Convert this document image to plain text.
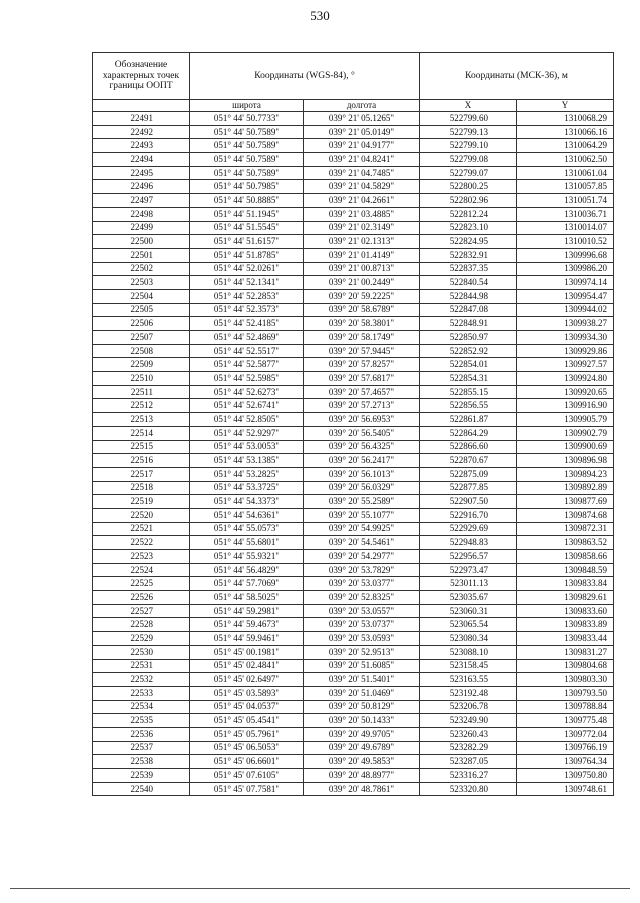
530
Обозначение характерных точек границы ООПТ	Координаты (WGS-84), °		Координаты (МСК-36), м	
	широта	долгота	X	Y
22491	051° 44' 50.7733"	039° 21' 05.1265"	522799.60	1310068.29
22492	051° 44' 50.7589"	039° 21' 05.0149"	522799.13	1310066.16
22493	051° 44' 50.7589"	039° 21' 04.9177"	522799.10	1310064.29
22494	051° 44' 50.7589"	039° 21' 04.8241"	522799.08	1310062.50
22495	051° 44' 50.7589"	039° 21' 04.7485"	522799.07	1310061.04
22496	051° 44' 50.7985"	039° 21' 04.5829"	522800.25	1310057.85
22497	051° 44' 50.8885"	039° 21' 04.2661"	522802.96	1310051.74
22498	051° 44' 51.1945"	039° 21' 03.4885"	522812.24	1310036.71
22499	051° 44' 51.5545"	039° 21' 02.3149"	522823.10	1310014.07
22500	051° 44' 51.6157"	039° 21' 02.1313"	522824.95	1310010.52
22501	051° 44' 51.8785"	039° 21' 01.4149"	522832.91	1309996.68
22502	051° 44' 52.0261"	039° 21' 00.8713"	522837.35	1309986.20
22503	051° 44' 52.1341"	039° 21' 00.2449"	522840.54	1309974.14
22504	051° 44' 52.2853"	039° 20' 59.2225"	522844.98	1309954.47
22505	051° 44' 52.3573"	039° 20' 58.6789"	522847.08	1309944.02
22506	051° 44' 52.4185"	039° 20' 58.3801"	522848.91	1309938.27
22507	051° 44' 52.4869"	039° 20' 58.1749"	522850.97	1309934.30
22508	051° 44' 52.5517"	039° 20' 57.9445"	522852.92	1309929.86
22509	051° 44' 52.5877"	039° 20' 57.8257"	522854.01	1309927.57
22510	051° 44' 52.5985"	039° 20' 57.6817"	522854.31	1309924.80
22511	051° 44' 52.6273"	039° 20' 57.4657"	522855.15	1309920.65
22512	051° 44' 52.6741"	039° 20' 57.2713"	522856.55	1309916.90
22513	051° 44' 52.8505"	039° 20' 56.6953"	522861.87	1309905.79
22514	051° 44' 52.9297"	039° 20' 56.5405"	522864.29	1309902.79
22515	051° 44' 53.0053"	039° 20' 56.4325"	522866.60	1309900.69
22516	051° 44' 53.1385"	039° 20' 56.2417"	522870.67	1309896.98
22517	051° 44' 53.2825"	039° 20' 56.1013"	522875.09	1309894.23
22518	051° 44' 53.3725"	039° 20' 56.0329"	522877.85	1309892.89
22519	051° 44' 54.3373"	039° 20' 55.2589"	522907.50	1309877.69
22520	051° 44' 54.6361"	039° 20' 55.1077"	522916.70	1309874.68
22521	051° 44' 55.0573"	039° 20' 54.9925"	522929.69	1309872.31
22522	051° 44' 55.6801"	039° 20' 54.5461"	522948.83	1309863.52
22523	051° 44' 55.9321"	039° 20' 54.2977"	522956.57	1309858.66
22524	051° 44' 56.4829"	039° 20' 53.7829"	522973.47	1309848.59
22525	051° 44' 57.7069"	039° 20' 53.0377"	523011.13	1309833.84
22526	051° 44' 58.5025"	039° 20' 52.8325"	523035.67	1309829.61
22527	051° 44' 59.2981"	039° 20' 53.0557"	523060.31	1309833.60
22528	051° 44' 59.4673"	039° 20' 53.0737"	523065.54	1309833.89
22529	051° 44' 59.9461"	039° 20' 53.0593"	523080.34	1309833.44
22530	051° 45' 00.1981"	039° 20' 52.9513"	523088.10	1309831.27
22531	051° 45' 02.4841"	039° 20' 51.6085"	523158.45	1309804.68
22532	051° 45' 02.6497"	039° 20' 51.5401"	523163.55	1309803.30
22533	051° 45' 03.5893"	039° 20' 51.0469"	523192.48	1309793.50
22534	051° 45' 04.0537"	039° 20' 50.8129"	523206.78	1309788.84
22535	051° 45' 05.4541"	039° 20' 50.1433"	523249.90	1309775.48
22536	051° 45' 05.7961"	039° 20' 49.9705"	523260.43	1309772.04
22537	051° 45' 06.5053"	039° 20' 49.6789"	523282.29	1309766.19
22538	051° 45' 06.6601"	039° 20' 49.5853"	523287.05	1309764.34
22539	051° 45' 07.6105"	039° 20' 48.8977"	523316.27	1309750.80
22540	051° 45' 07.7581"	039° 20' 48.7861"	523320.80	1309748.61
